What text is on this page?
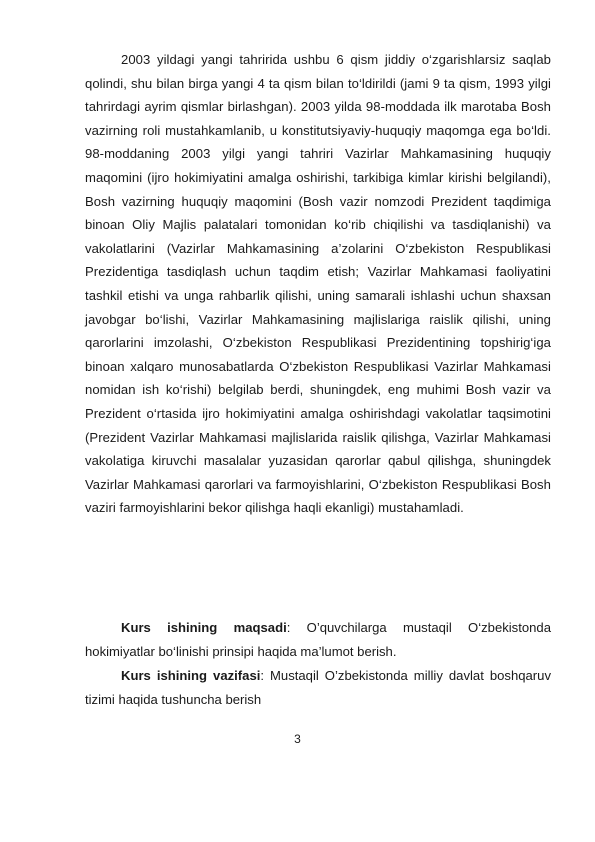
2003 yildagi yangi tahririda ushbu 6 qism jiddiy o‘zgarishlarsiz saqlab qolindi, shu bilan birga yangi 4 ta qism bilan to‘ldirildi (jami 9 ta qism, 1993 yilgi tahrirdagi ayrim qismlar birlashgan). 2003 yilda 98-moddada ilk marotaba Bosh vazirning roli mustahkamlanib, u konstitutsiyaviy-huquqiy maqomga ega bo‘ldi. 98-moddaning 2003 yilgi yangi tahriri Vazirlar Mahkamasining huquqiy maqomini (ijro hokimiyatini amalga oshirishi, tarkibiga kimlar kirishi belgilandi), Bosh vazirning huquqiy maqomini (Bosh vazir nomzodi Prezident taqdimiga binoan Oliy Majlis palatalari tomonidan ko‘rib chiqilishi va tasdiqlanishi) va vakolatlarini (Vazirlar Mahkamasining a’zolarini O‘zbekiston Respublikasi Prezidentiga tasdiqlash uchun taqdim etish; Vazirlar Mahkamasi faoliyatini tashkil etishi va unga rahbarlik qilishi, uning samarali ishlashi uchun shaxsan javobgar bo‘lishi, Vazirlar Mahkamasining majlislariga raislik qilishi, uning qarorlarini imzolashi, O‘zbekiston Respublikasi Prezidentining topshirig‘iga binoan xalqaro munosabatlarda O‘zbekiston Respublikasi Vazirlar Mahkamasi nomidan ish ko‘rishi) belgilab berdi, shuningdek, eng muhimi Bosh vazir va Prezident o‘rtasida ijro hokimiyatini amalga oshirishdagi vakolatlar taqsimotini (Prezident Vazirlar Mahkamasi majlislarida raislik qilishga, Vazirlar Mahkamasi vakolatiga kiruvchi masalalar yuzasidan qarorlar qabul qilishga, shuningdek Vazirlar Mahkamasi qarorlari va farmoyishlarini, O‘zbekiston Respublikasi Bosh vaziri farmoyishlarini bekor qilishga haqli ekanligi) mustahamladi.

Kurs ishining maqsadi: O’quvchilarga mustaqil O‘zbekistonda hokimiyatlar bo‘linishi prinsipi haqida ma’lumot berish.

Kurs ishining vazifasi: Mustaqil O’zbekistonda milliy davlat boshqaruv tizimi haqida tushuncha berish

3
